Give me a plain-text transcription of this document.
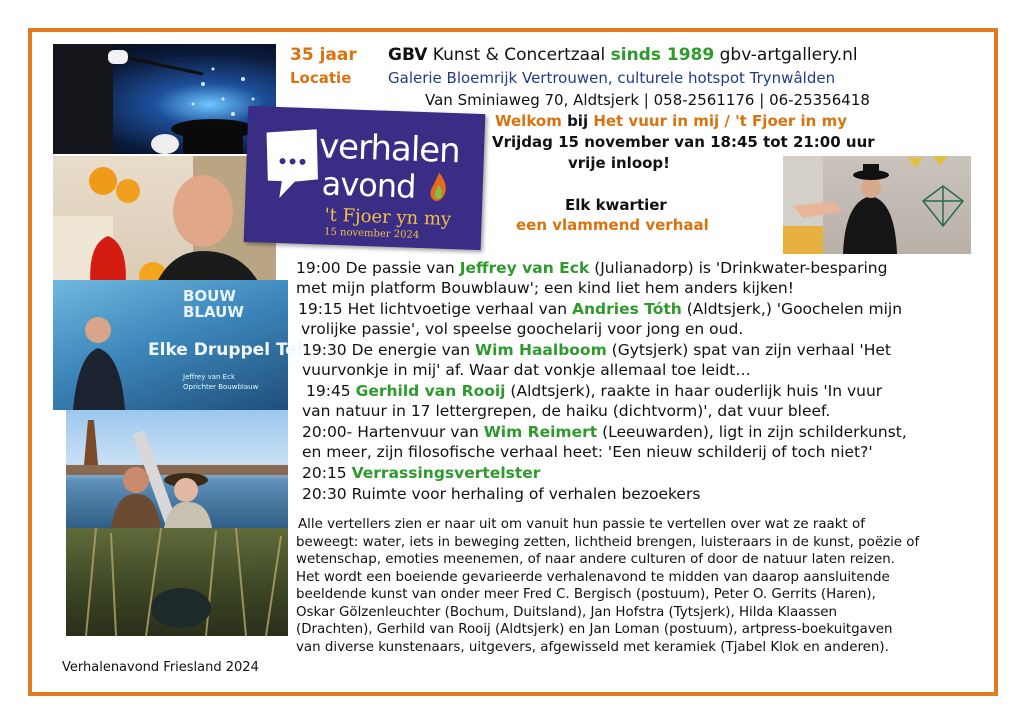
BOUW
BLAUW
Elke Druppel Telt
Jeffrey van Eck
Oprichter Bouwblauw
verhalen
avond
't Fjoer yn my
15 november 2024
35 jaar
Locatie
GBV Kunst & Concertzaal sinds 1989 gbv-artgallery.nl
Galerie Bloemrijk Vertrouwen, culturele hotspot Trynwâlden
Van Sminiaweg 70, Aldtsjerk | 058-2561176 | 06-25356418
Welkom bij Het vuur in mij / 't Fjoer in my
Vrijdag 15 november van 18:45 tot 21:00 uur
vrije inloop!
Elk kwartier
een vlammend verhaal
19:00 De passie van Jeffrey van Eck (Julianadorp) is 'Drinkwater-besparing
met mijn platform Bouwblauw'; een kind liet hem anders kijken!
19:15 Het lichtvoetige verhaal van Andries Tóth (Aldtsjerk,) 'Goochelen mijn
vrolijke passie', vol speelse goochelarij voor jong en oud.
19:30 De energie van Wim Haalboom (Gytsjerk) spat van zijn verhaal 'Het
vuurvonkje in mij' af. Waar dat vonkje allemaal toe leidt…
19:45 Gerhild van Rooij (Aldtsjerk), raakte in haar ouderlijk huis 'In vuur
van natuur in 17 lettergrepen, de haiku (dichtvorm)', dat vuur bleef.
20:00- Hartenvuur van Wim Reimert (Leeuwarden), ligt in zijn schilderkunst,
en meer, zijn filosofische verhaal heet: 'Een nieuw schilderij of toch niet?'
20:15 Verrassingsvertelster
20:30 Ruimte voor herhaling of verhalen bezoekers
Alle vertellers zien er naar uit om vanuit hun passie te vertellen over wat ze raakt of
beweegt: water, iets in beweging zetten, lichtheid brengen, luisteraars in de kunst, poëzie of
wetenschap, emoties meenemen, of naar andere culturen of door de natuur laten reizen.
Het wordt een boeiende gevarieerde verhalenavond te midden van daarop aansluitende
beeldende kunst van onder meer Fred C. Bergisch (postuum), Peter O. Gerrits (Haren),
Oskar Gölzenleuchter (Bochum, Duitsland), Jan Hofstra (Tytsjerk), Hilda Klaassen
(Drachten), Gerhild van Rooij (Aldtsjerk) en Jan Loman (postuum), artpress-boekuitgaven
van diverse kunstenaars, uitgevers, afgewisseld met keramiek (Tjabel Klok en anderen).
Verhalenavond Friesland 2024
